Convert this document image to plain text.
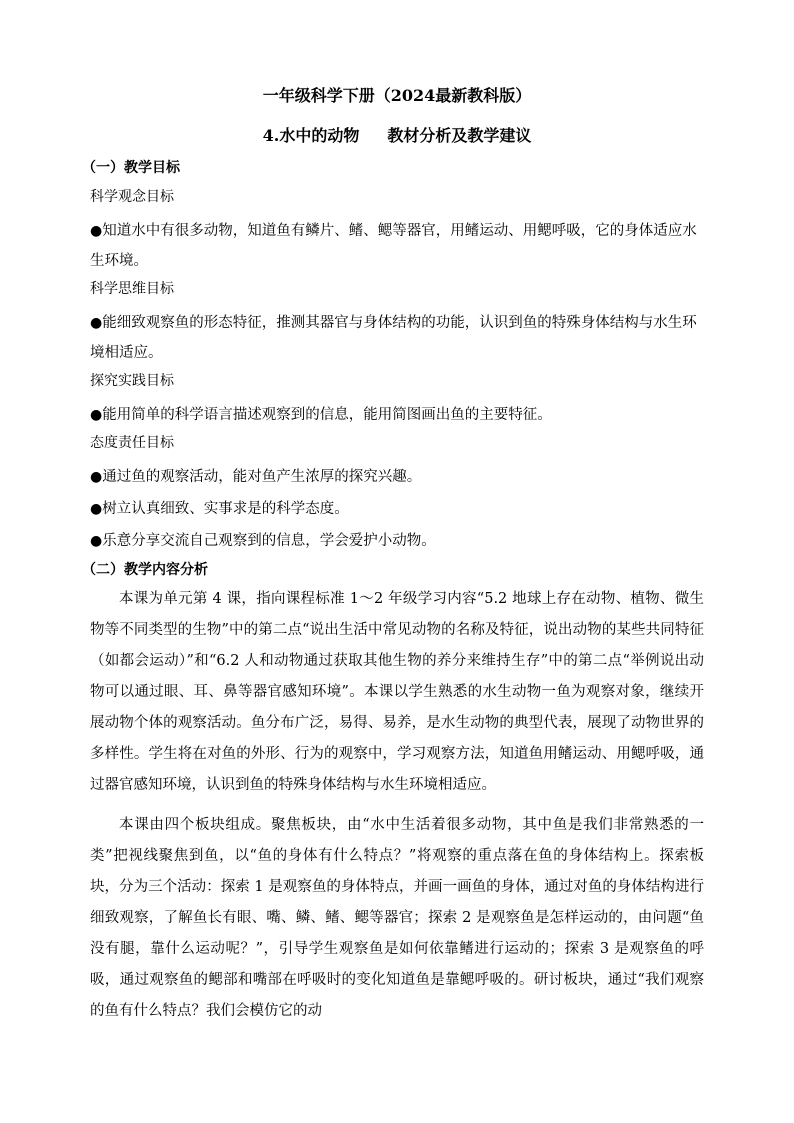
一年级科学下册（2024最新教科版）

4.水中的动物 教材分析及教学建议

（一）教学目标

科学观念目标

●知道水中有很多动物，知道鱼有鳞片、鳍、鳃等器官，用鳍运动、用鳃呼吸，它的身体适应水生环境。

科学思维目标

●能细致观察鱼的形态特征，推测其器官与身体结构的功能，认识到鱼的特殊身体结构与水生环境相适应。

探究实践目标

●能用简单的科学语言描述观察到的信息，能用简图画出鱼的主要特征。

态度责任目标

●通过鱼的观察活动，能对鱼产生浓厚的探究兴趣。

●树立认真细致、实事求是的科学态度。

●乐意分享交流自己观察到的信息，学会爱护小动物。

（二）教学内容分析

本课为单元第 4 课，指向课程标准 1～2 年级学习内容“5.2 地球上存在动物、植物、微生物等不同类型的生物”中的第二点“说出生活中常见动物的名称及特征，说出动物的某些共同特征（如都会运动）”和“6.2 人和动物通过获取其他生物的养分来维持生存”中的第二点“举例说出动物可以通过眼、耳、鼻等器官感知环境”。本课以学生熟悉的水生动物一鱼为观察对象，继续开展动物个体的观察活动。鱼分布广泛，易得、易养，是水生动物的典型代表，展现了动物世界的多样性。学生将在对鱼的外形、行为的观察中，学习观察方法，知道鱼用鳍运动、用鳃呼吸，通过器官感知环境，认识到鱼的特殊身体结构与水生环境相适应。

本课由四个板块组成。聚焦板块，由“水中生活着很多动物，其中鱼是我们非常熟悉的一类”把视线聚焦到鱼，以“鱼的身体有什么特点？”将观察的重点落在鱼的身体结构上。探索板块，分为三个活动：探索 1 是观察鱼的身体特点，并画一画鱼的身体，通过对鱼的身体结构进行细致观察，了解鱼长有眼、嘴、鳞、鳍、鳃等器官；探索 2 是观察鱼是怎样运动的，由问题“鱼没有腿，靠什么运动呢？”，引导学生观察鱼是如何依靠鳍进行运动的；探索 3 是观察鱼的呼吸，通过观察鱼的鳃部和嘴部在呼吸时的变化知道鱼是靠鳃呼吸的。研讨板块，通过“我们观察的鱼有什么特点？我们会模仿它的动
